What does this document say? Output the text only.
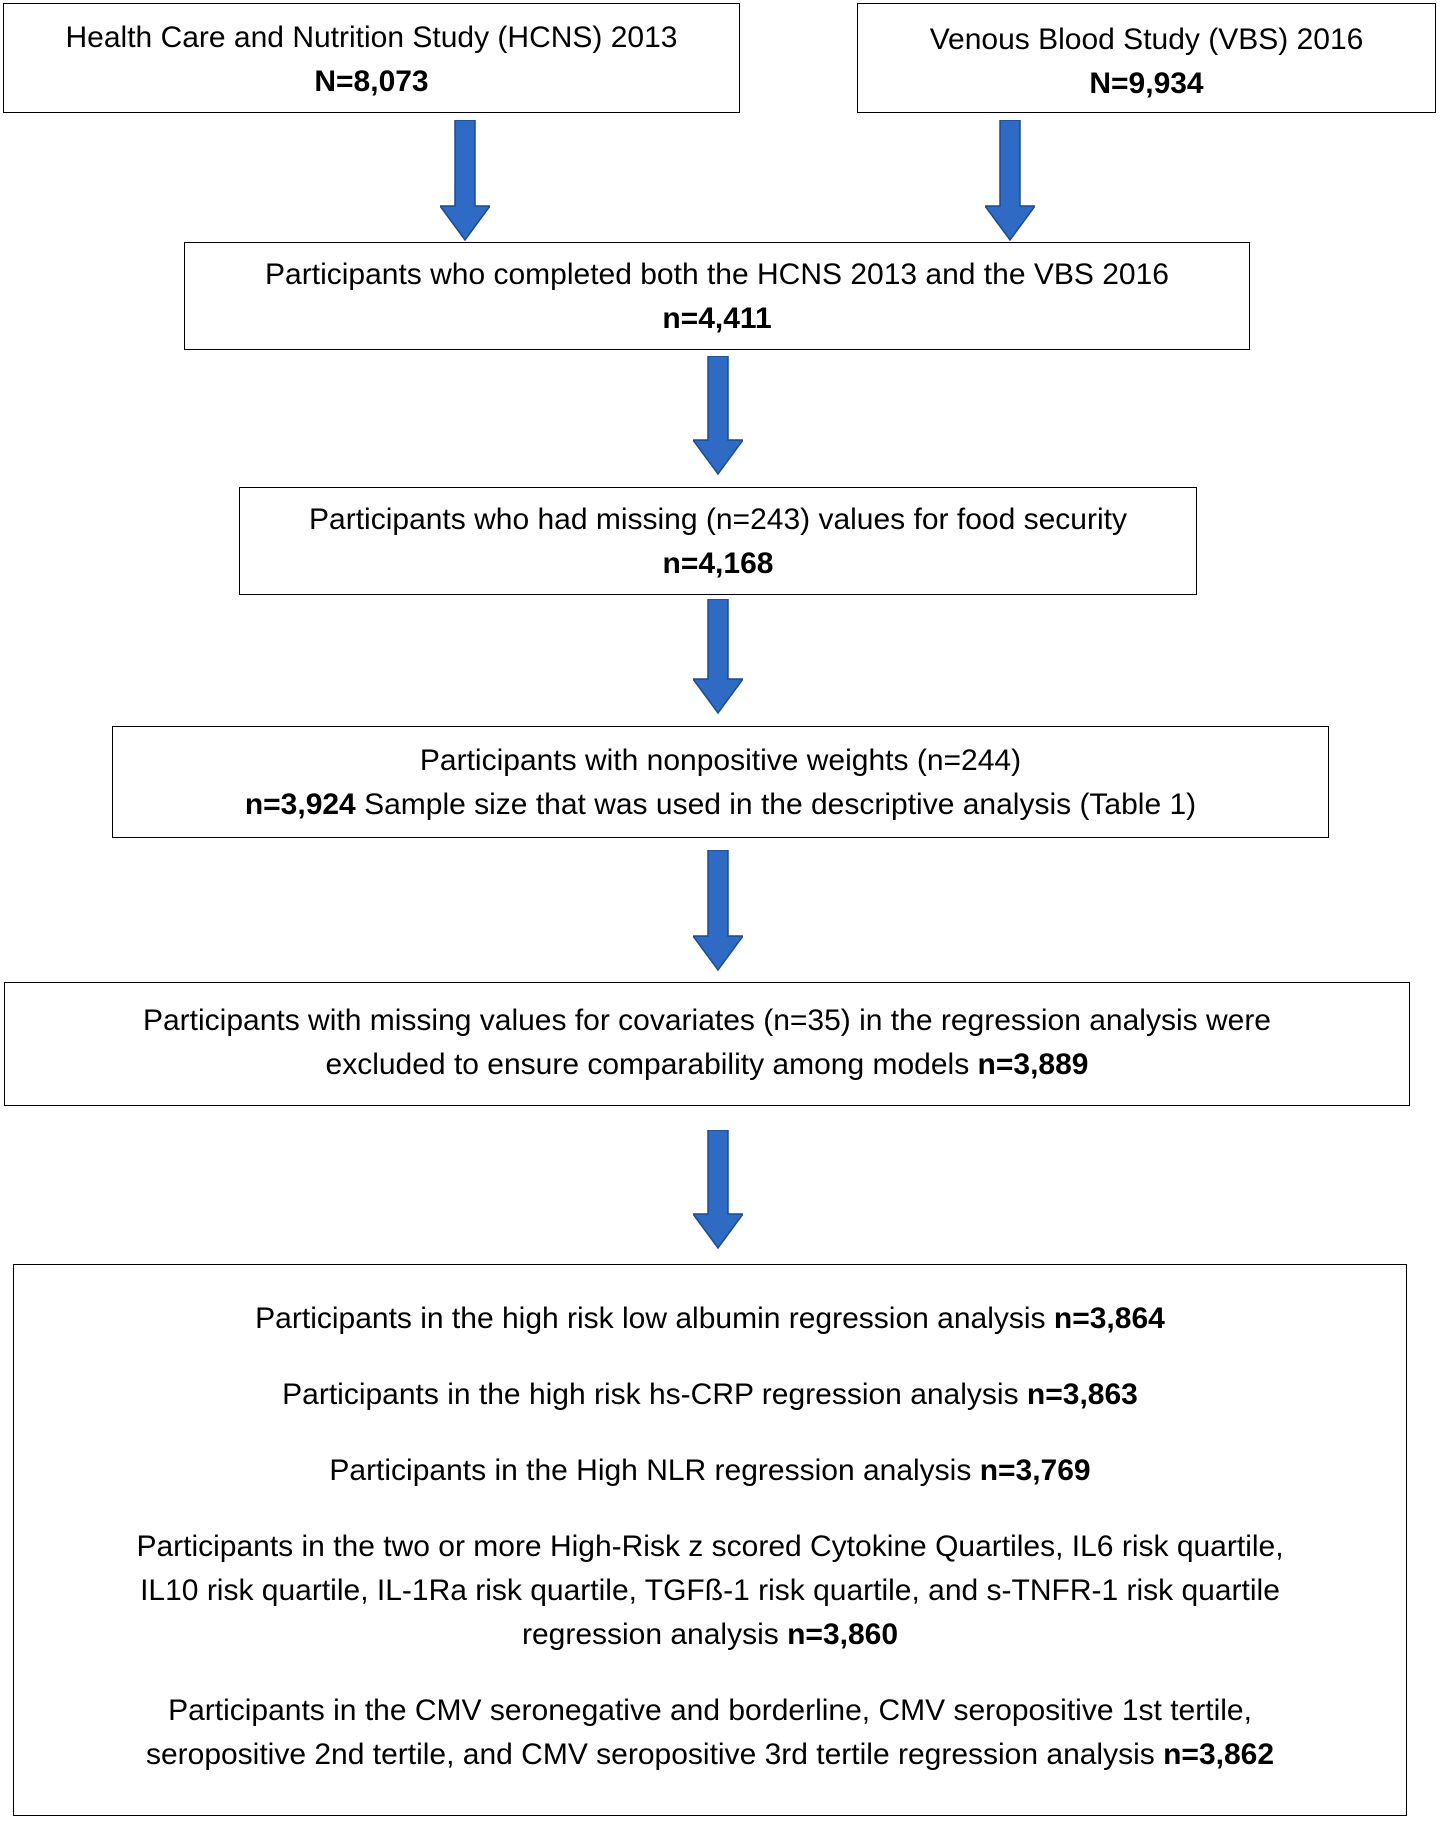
Health Care and Nutrition Study (HCNS) 2013
N=8,073
Venous Blood Study (VBS) 2016
N=9,934
Participants who completed both the HCNS 2013 and the VBS 2016
n=4,411
Participants who had missing (n=243) values for food security
n=4,168
Participants with nonpositive weights (n=244)
n=3,924 Sample size that was used in the descriptive analysis (Table 1)
Participants with missing values for covariates (n=35) in the regression analysis were
excluded to ensure comparability among models n=3,889
Participants in the high risk low albumin regression analysis n=3,864
Participants in the high risk hs-CRP regression analysis n=3,863
Participants in the High NLR regression analysis n=3,769
Participants in the two or more High-Risk z scored Cytokine Quartiles, IL6 risk quartile,
IL10 risk quartile, IL-1Ra risk quartile, TGFß-1 risk quartile, and s-TNFR-1 risk quartile
regression analysis n=3,860
Participants in the CMV seronegative and borderline, CMV seropositive 1st tertile,
seropositive 2nd tertile, and CMV seropositive 3rd tertile regression analysis n=3,862
